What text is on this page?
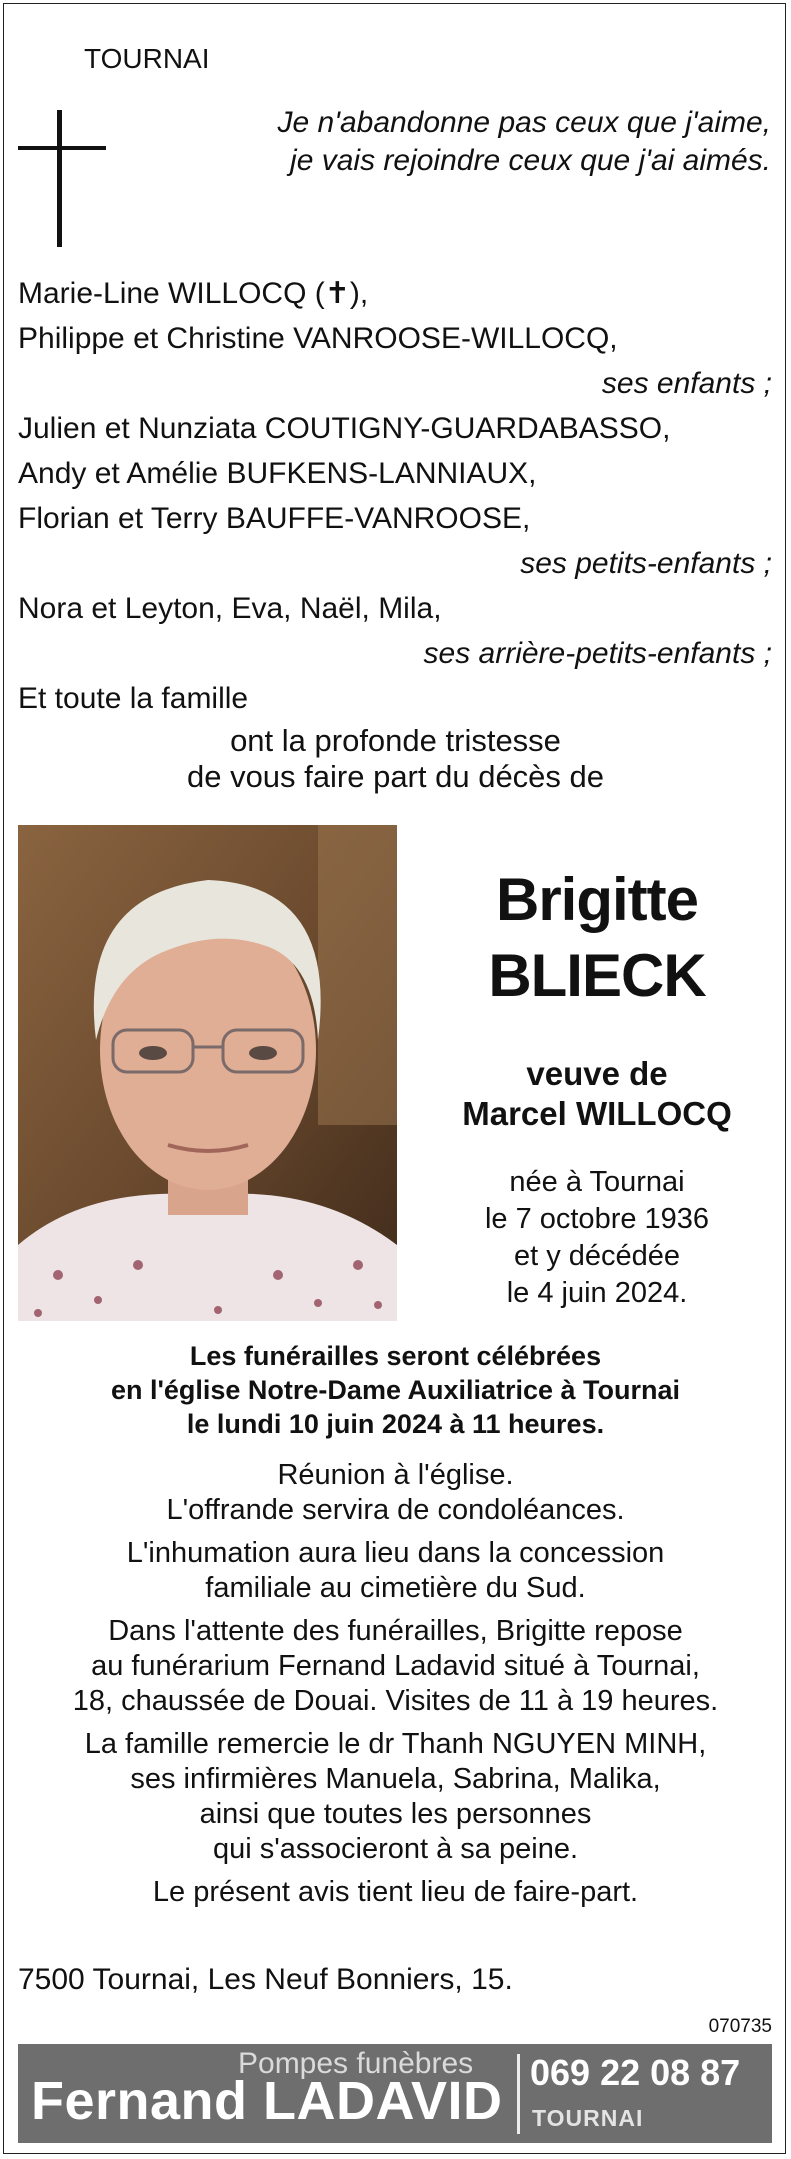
TOURNAI
Je n'abandonne pas ceux que j'aime,
je vais rejoindre ceux que j'ai aimés.
Marie-Line WILLOCQ (✝),
Philippe et Christine VANROOSE-WILLOCQ,
ses enfants ;
Julien et Nunziata COUTIGNY-GUARDABASSO,
Andy et Amélie BUFKENS-LANNIAUX,
Florian et Terry BAUFFE-VANROOSE,
ses petits-enfants ;
Nora et Leyton, Eva, Naël, Mila,
ses arrière-petits-enfants ;
Et toute la famille
ont la profonde tristesse
de vous faire part du décès de
Brigitte
BLIECK
veuve de
Marcel WILLOCQ
née à Tournai
le 7 octobre 1936
et y décédée
le 4 juin 2024.
Les funérailles seront célébrées
en l'église Notre-Dame Auxiliatrice à Tournai
le lundi 10 juin 2024 à 11 heures.

Réunion à l'église.
L'offrande servira de condoléances.

L'inhumation aura lieu dans la concession
familiale au cimetière du Sud.

Dans l'attente des funérailles, Brigitte repose
au funérarium Fernand Ladavid situé à Tournai,
18, chaussée de Douai. Visites de 11 à 19 heures.

La famille remercie le dr Thanh NGUYEN MINH,
ses infirmières Manuela, Sabrina, Malika,
ainsi que toutes les personnes
qui s'associeront à sa peine.

Le présent avis tient lieu de faire-part.

7500 Tournai, Les Neuf Bonniers, 15.
070735
Pompes funèbres
Fernand LADAVID 069 22 08 87
TOURNAI
